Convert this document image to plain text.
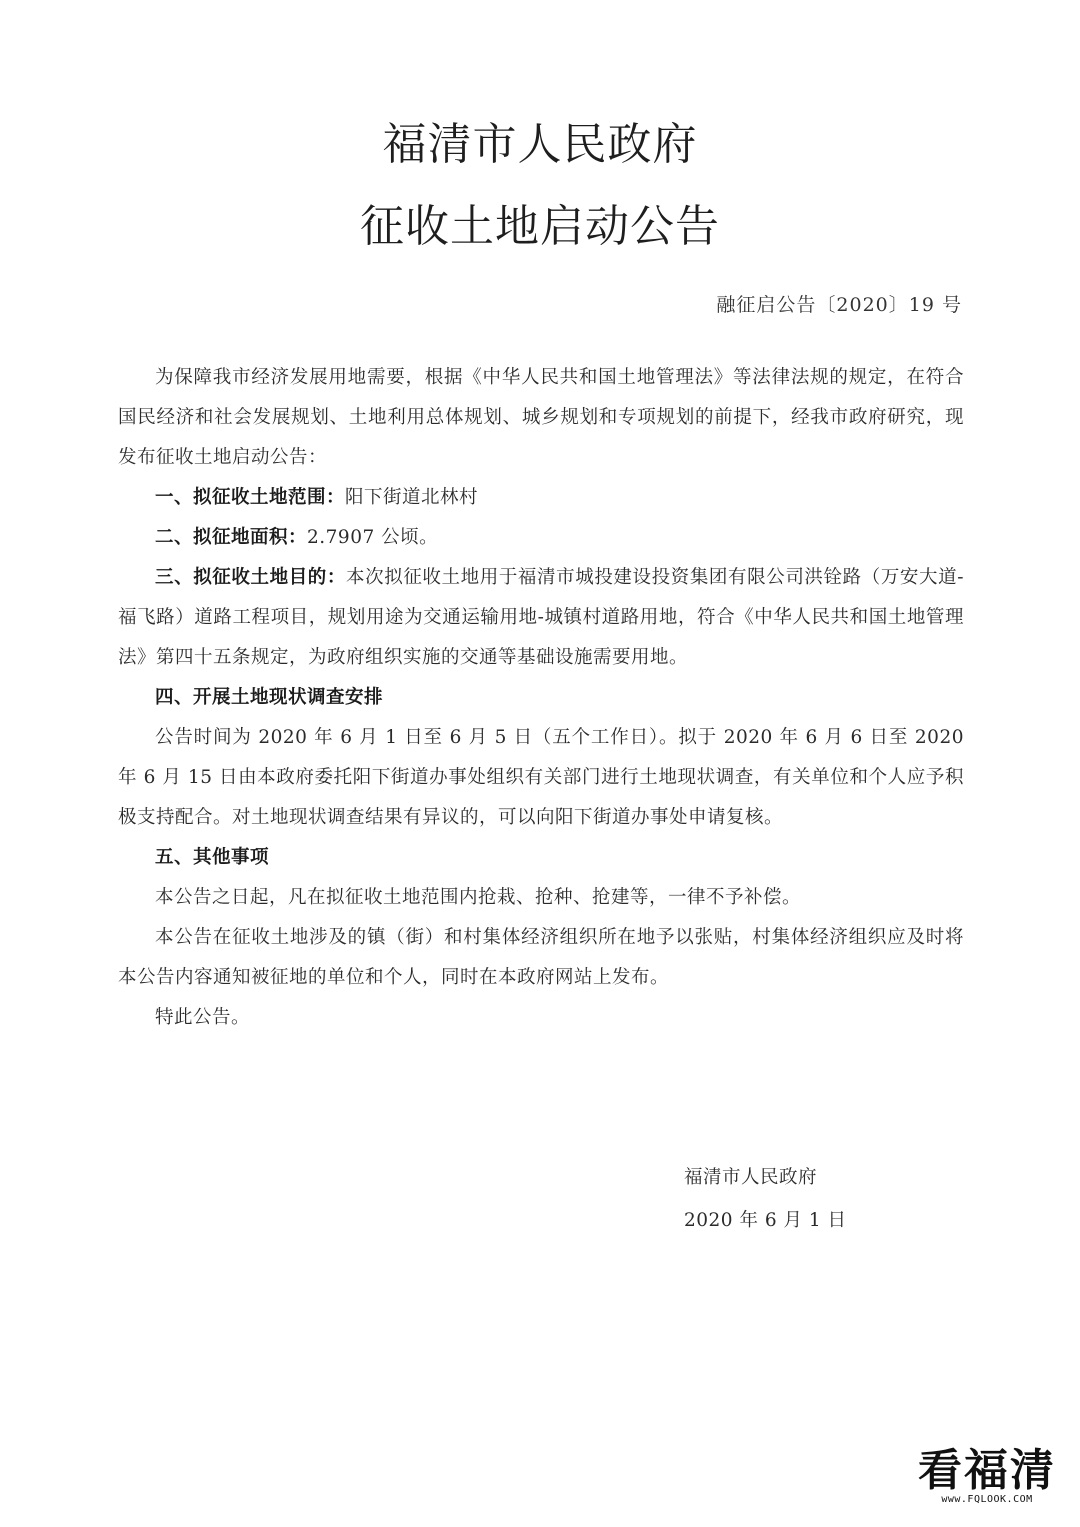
福清市人民政府
征收土地启动公告
融征启公告〔2020〕19 号

为保障我市经济发展用地需要，根据《中华人民共和国土地管理法》等法律法规的规定，在符合国民经济和社会发展规划、土地利用总体规划、城乡规划和专项规划的前提下，经我市政府研究，现发布征收土地启动公告：

一、拟征收土地范围：阳下街道北林村

二、拟征地面积：2.7907 公顷。

三、拟征收土地目的：本次拟征收土地用于福清市城投建设投资集团有限公司洪铨路（万安大道-福飞路）道路工程项目，规划用途为交通运输用地-城镇村道路用地，符合《中华人民共和国土地管理法》第四十五条规定，为政府组织实施的交通等基础设施需要用地。

四、开展土地现状调查安排

公告时间为 2020 年 6 月 1 日至 6 月 5 日（五个工作日）。拟于 2020 年 6 月 6 日至 2020 年 6 月 15 日由本政府委托阳下街道办事处组织有关部门进行土地现状调查，有关单位和个人应予积极支持配合。对土地现状调查结果有异议的，可以向阳下街道办事处申请复核。

五、其他事项

本公告之日起，凡在拟征收土地范围内抢栽、抢种、抢建等，一律不予补偿。

本公告在征收土地涉及的镇（街）和村集体经济组织所在地予以张贴，村集体经济组织应及时将本公告内容通知被征地的单位和个人，同时在本政府网站上发布。

特此公告。

福清市人民政府
2020 年 6 月 1 日
看福清
www.FQLOOK.COM
